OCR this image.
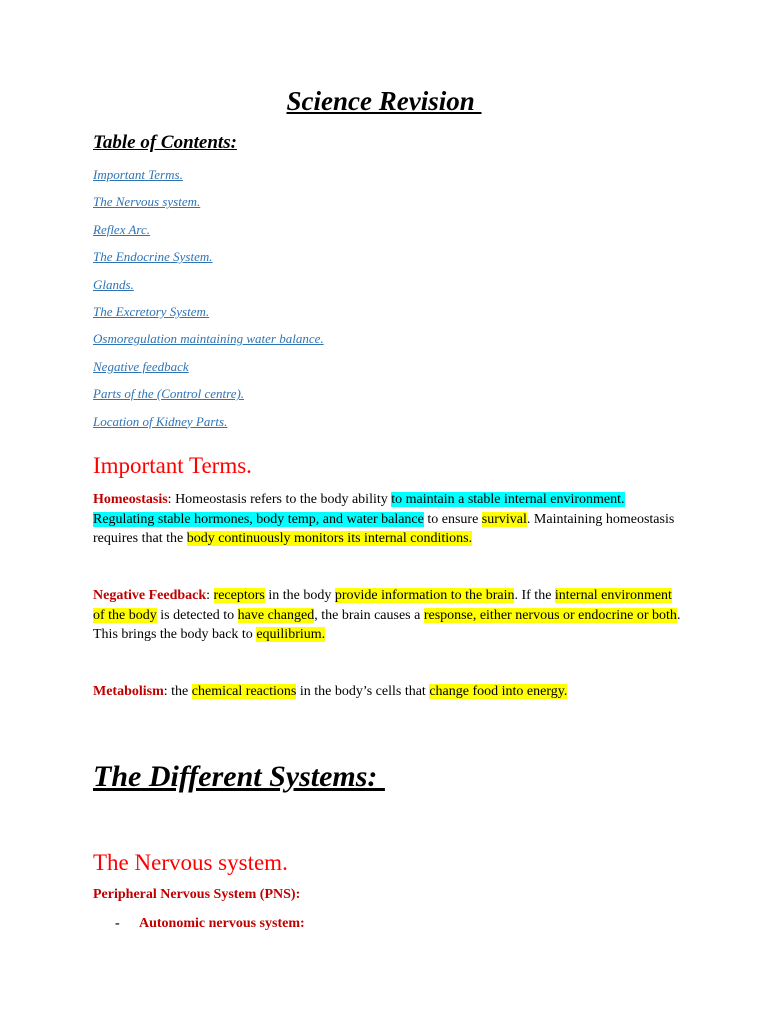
Science Revision
Table of Contents:
Important Terms.
The Nervous system.
Reflex Arc.
The Endocrine System.
Glands.
The Excretory System.
Osmoregulation maintaining water balance.
Negative feedback
Parts of the (Control centre).
Location of Kidney Parts.
Important Terms.

Homeostasis: Homeostasis refers to the body ability to maintain a stable internal environment. Regulating stable hormones, body temp, and water balance to ensure survival. Maintaining homeostasis requires that the body continuously monitors its internal conditions.

Negative Feedback: receptors in the body provide information to the brain. If the internal environment of the body is detected to have changed, the brain causes a response, either nervous or endocrine or both. This brings the body back to equilibrium.

Metabolism: the chemical reactions in the body’s cells that change food into energy.

The Different Systems:
The Nervous system.
Peripheral Nervous System (PNS):
- Autonomic nervous system:
